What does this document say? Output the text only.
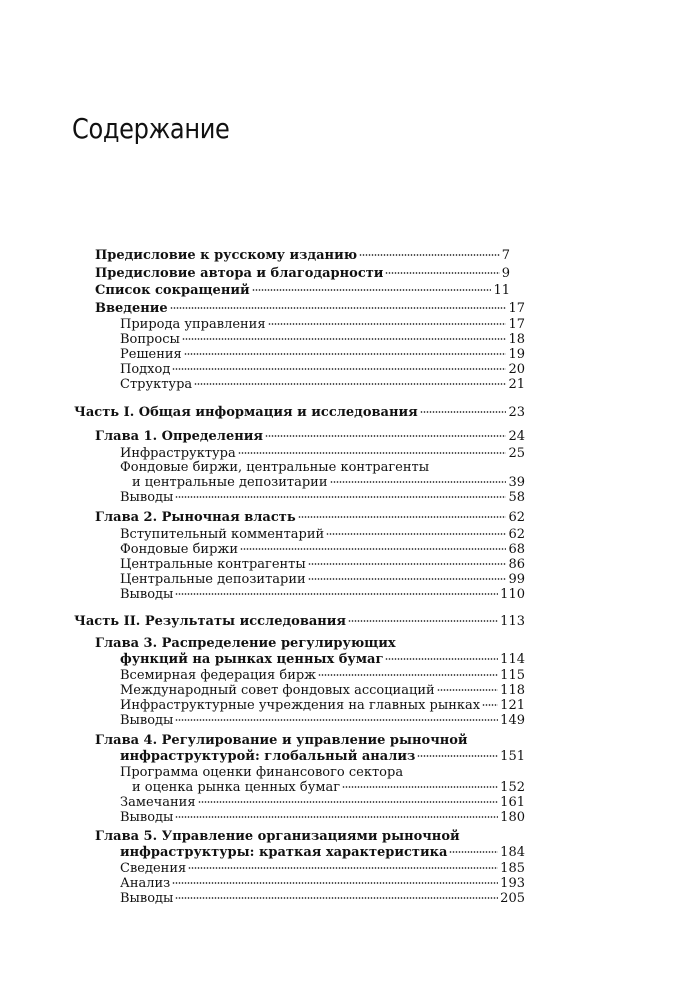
Содержание
Предисловие к русскому изданию	7
Предисловие автора и благодарности	9
Список сокращений	11
Введение	17
Природа управления	17
Вопросы	18
Решения	19
Подход	20
Структура	21
Часть I. Общая информация и исследования	23
Глава 1. Определения	24
Инфраструктура	25
Фондовые биржи, центральные контрагенты
и центральные депозитарии	39
Выводы	58
Глава 2. Рыночная власть	62
Вступительный комментарий	62
Фондовые биржи	68
Центральные контрагенты	86
Центральные депозитарии	99
Выводы	110
Часть II. Результаты исследования	113
Глава 3. Распределение регулирующих
функций на рынках ценных бумаг	114
Всемирная федерация бирж	115
Международный совет фондовых ассоциаций	118
Инфраструктурные учреждения на главных рынках 121
Выводы	149
Глава 4. Регулирование и управление рыночной
инфраструктурой: глобальный анализ	151
Программа оценки финансового сектора
и оценка рынка ценных бумаг	152
Замечания	161
Выводы	180
Глава 5. Управление организациями рыночной
инфраструктуры: краткая характеристика	184
Сведения	185
Анализ	193
Выводы	205
